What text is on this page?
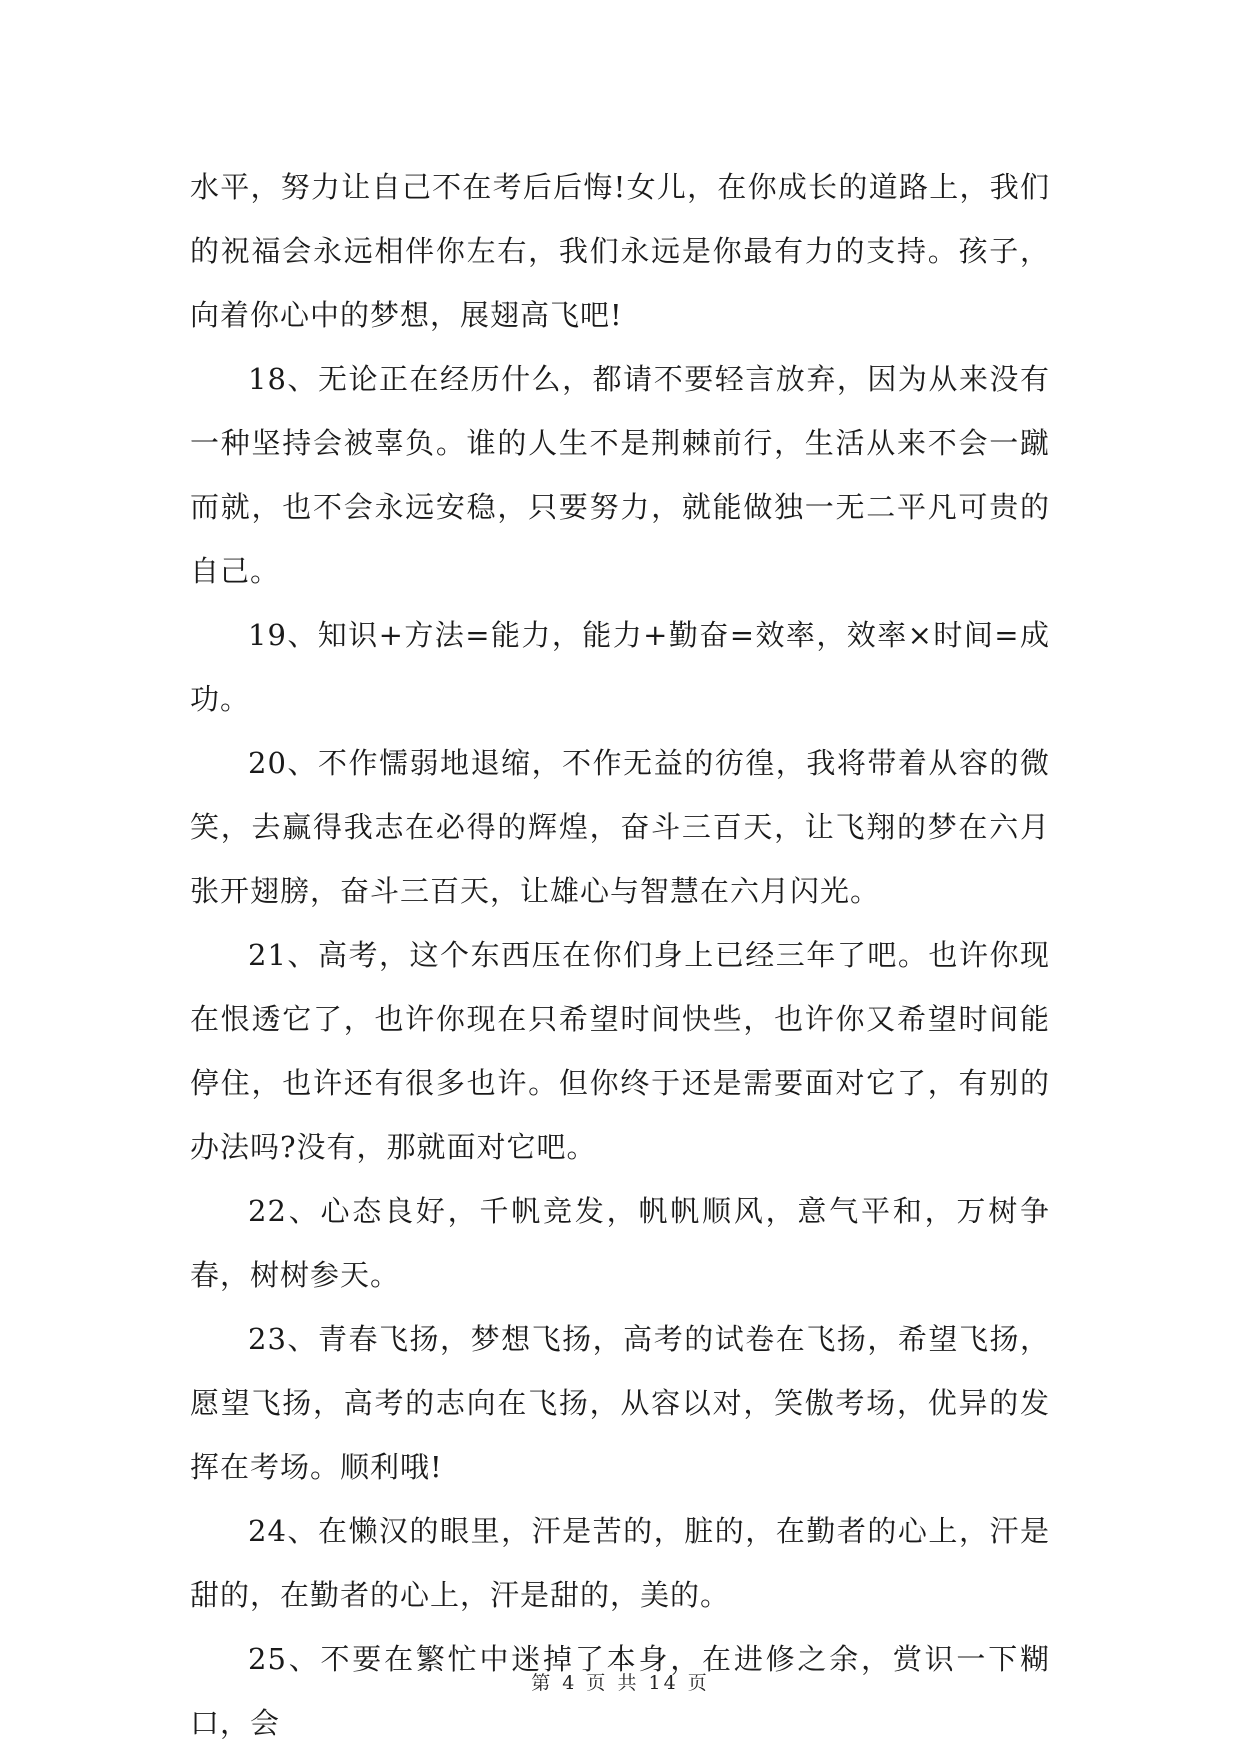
水平，努力让自己不在考后后悔!女儿，在你成长的道路上，我们的祝福会永远相伴你左右，我们永远是你最有力的支持。孩子，向着你心中的梦想，展翅高飞吧!

18、无论正在经历什么，都请不要轻言放弃，因为从来没有一种坚持会被辜负。谁的人生不是荆棘前行，生活从来不会一蹴而就，也不会永远安稳，只要努力，就能做独一无二平凡可贵的自己。

19、知识+方法=能力，能力+勤奋=效率，效率×时间=成功。

20、不作懦弱地退缩，不作无益的彷徨，我将带着从容的微笑，去赢得我志在必得的辉煌，奋斗三百天，让飞翔的梦在六月张开翅膀，奋斗三百天，让雄心与智慧在六月闪光。

21、高考，这个东西压在你们身上已经三年了吧。也许你现在恨透它了，也许你现在只希望时间快些，也许你又希望时间能停住，也许还有很多也许。但你终于还是需要面对它了，有别的办法吗?没有，那就面对它吧。

22、心态良好，千帆竞发，帆帆顺风，意气平和，万树争春，树树参天。

23、青春飞扬，梦想飞扬，高考的试卷在飞扬，希望飞扬，愿望飞扬，高考的志向在飞扬，从容以对，笑傲考场，优异的发挥在考场。顺利哦!

24、在懒汉的眼里，汗是苦的，脏的，在勤者的心上，汗是甜的，在勤者的心上，汗是甜的，美的。

25、不要在繁忙中迷掉了本身，在进修之余，赏识一下糊口，会

第 4 页 共 14 页
